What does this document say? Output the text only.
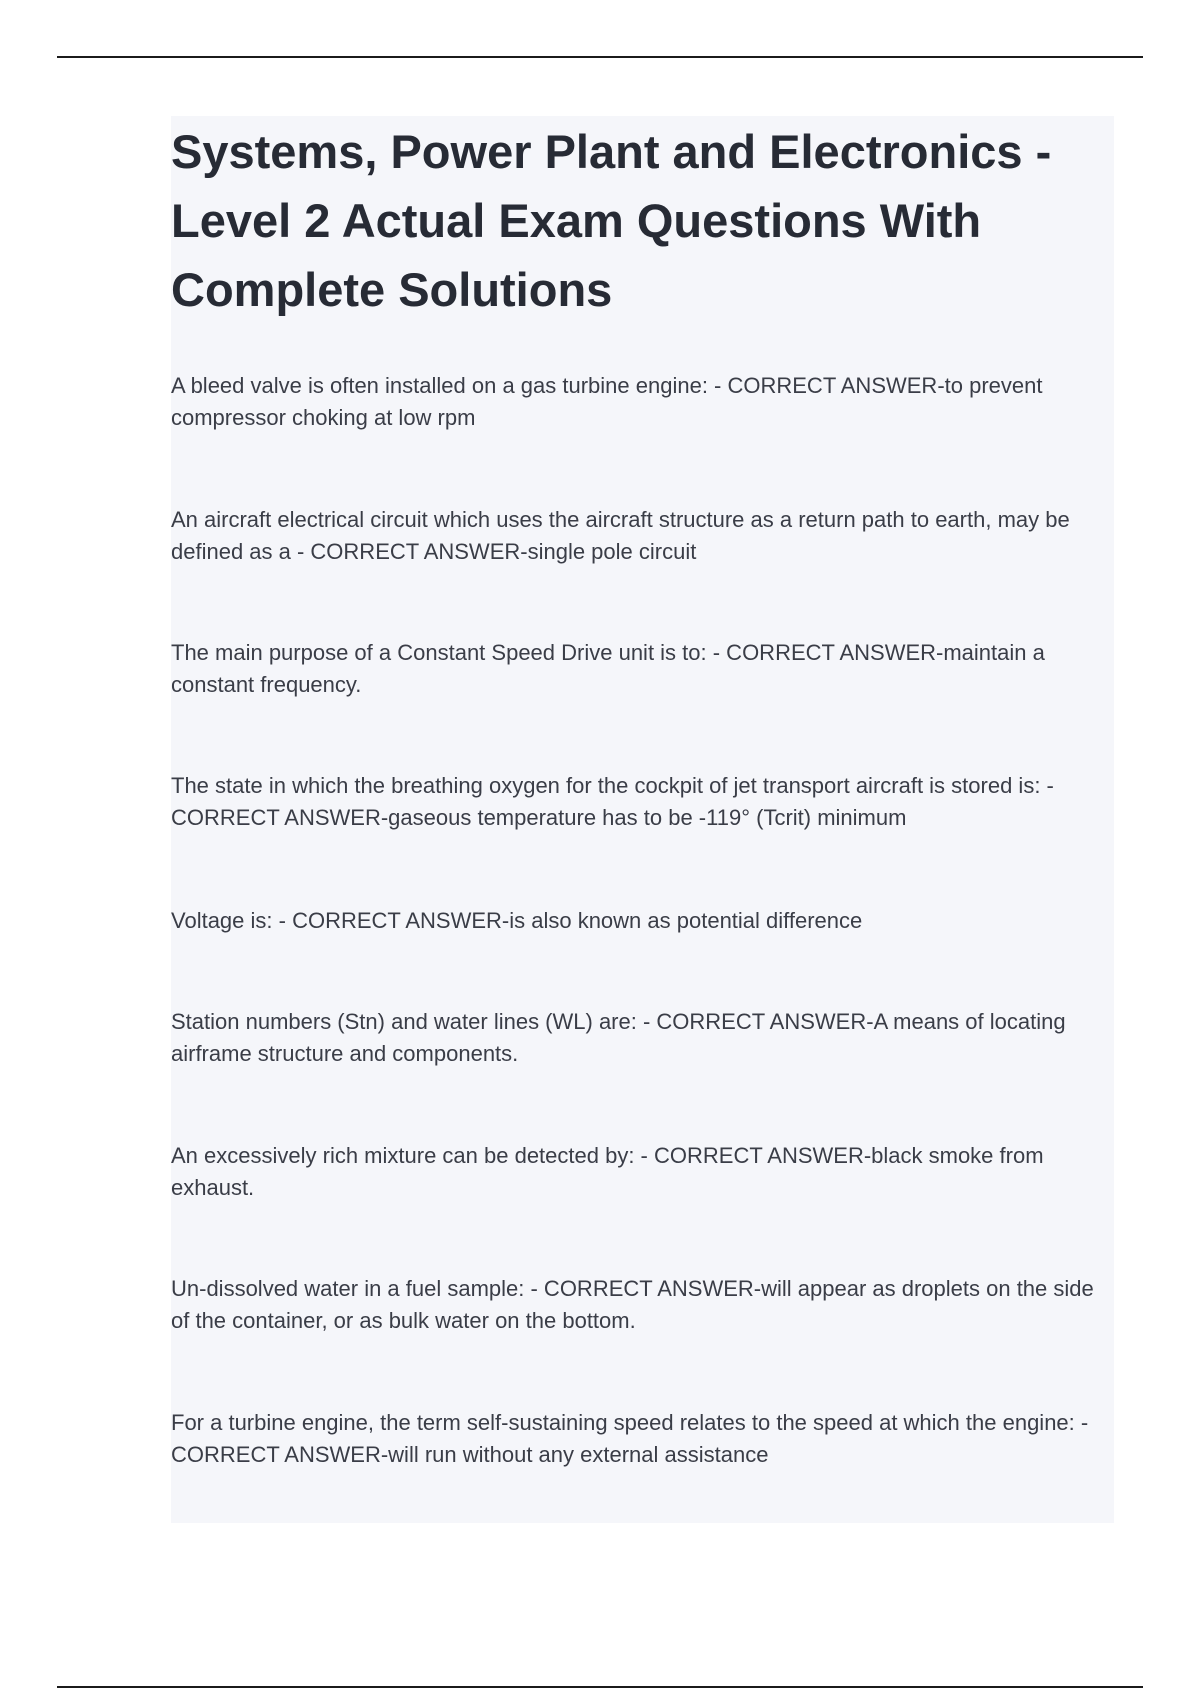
Systems, Power Plant and Electronics - Level 2 Actual Exam Questions With Complete Solutions
A bleed valve is often installed on a gas turbine engine: - CORRECT ANSWER-to prevent compressor choking at low rpm
An aircraft electrical circuit which uses the aircraft structure as a return path to earth, may be defined as a - CORRECT ANSWER-single pole circuit
The main purpose of a Constant Speed Drive unit is to: - CORRECT ANSWER-maintain a constant frequency.
The state in which the breathing oxygen for the cockpit of jet transport aircraft is stored is: - CORRECT ANSWER-gaseous temperature has to be -119° (Tcrit) minimum
Voltage is: - CORRECT ANSWER-is also known as potential difference
Station numbers (Stn) and water lines (WL) are: - CORRECT ANSWER-A means of locating airframe structure and components.
An excessively rich mixture can be detected by: - CORRECT ANSWER-black smoke from exhaust.
Un-dissolved water in a fuel sample: - CORRECT ANSWER-will appear as droplets on the side of the container, or as bulk water on the bottom.
For a turbine engine, the term self-sustaining speed relates to the speed at which the engine: - CORRECT ANSWER-will run without any external assistance
